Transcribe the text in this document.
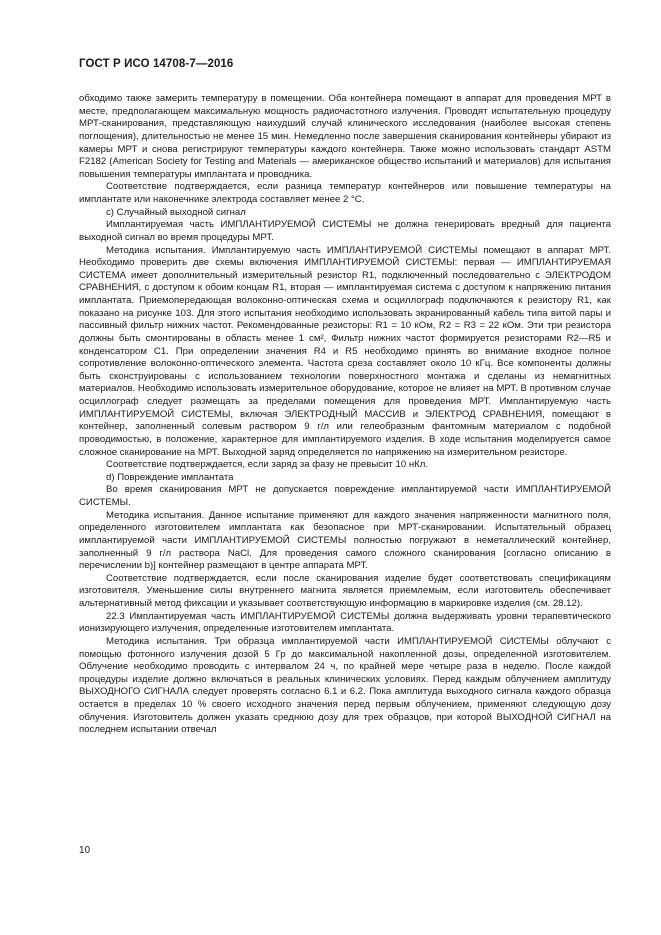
ГОСТ Р ИСО 14708-7—2016

обходимо также замерить температуру в помещении. Оба контейнера помещают в аппарат для проведения МРТ в месте, предполагающем максимальную мощность радиочастотного излучения. Проводят испытательную процедуру МРТ-сканирования, представляющую наихудший случай клинического исследования (наиболее высокая степень поглощения), длительностью не менее 15 мин. Немедленно после завершения сканирования контейнеры убирают из камеры МРТ и снова регистрируют температуры каждого контейнера. Также можно использовать стандарт ASTM F2182 (American Society for Testing and Materials — американское общество испытаний и материалов) для испытания повышения температуры имплантата и проводника.

Соответствие подтверждается, если разница температур контейнеров или повышение температуры на имплантате или наконечнике электрода составляет менее 2 °С.

c) Случайный выходной сигнал

Имплантируемая часть ИМПЛАНТИРУЕМОЙ СИСТЕМЫ не должна генерировать вредный для пациента выходной сигнал во время процедуры МРТ.

Методика испытания. Имплантируемую часть ИМПЛАНТИРУЕМОЙ СИСТЕМЫ помещают в аппарат МРТ. Необходимо проверить две схемы включения ИМПЛАНТИРУЕМОЙ СИСТЕМЫ: первая — ИМПЛАНТИРУЕМАЯ СИСТЕМА имеет дополнительный измерительный резистор R1, подключенный последовательно с ЭЛЕКТРОДОМ СРАВНЕНИЯ, с доступом к обоим концам R1, вторая — имплантируемая система с доступом к напряжению питания имплантата. Приемопередающая волоконно-оптическая схема и осциллограф подключаются к резистору R1, как показано на рисунке 103. Для этого испытания необходимо использовать экранированный кабель типа витой пары и пассивный фильтр нижних частот. Рекомендованные резисторы: R1 = 10 кОм, R2 = R3 = 22 кОм. Эти три резистора должны быть смонтированы в область менее 1 см², Фильтр нижних частот формируется резисторами R2—R5 и конденсатором С1. При определении значения R4 и R5 необходимо принять во внимание входное полное сопротивление волоконно-оптического элемента. Частота среза составляет около 10 кГц. Все компоненты должны быть сконструированы с использованием технологии поверхностного монтажа и сделаны из немагнитных материалов. Необходимо использовать измерительное оборудование, которое не влияет на МРТ. В противном случае осциллограф следует размещать за пределами помещения для проведения МРТ. Имплантируемую часть ИМПЛАНТИРУЕМОЙ СИСТЕМЫ, включая ЭЛЕКТРОДНЫЙ МАССИВ и ЭЛЕКТРОД СРАВНЕНИЯ, помещают в контейнер, заполненный солевым раствором 9 г/л или гелеобразным фантомным материалом с подобной проводимостью, в положение, характерное для имплантируемого изделия. В ходе испытания моделируется самое сложное сканирование на МРТ. Выходной заряд определяется по напряжению на измерительном резисторе.

Соответствие подтверждается, если заряд за фазу не превысит 10 нКл.

d) Повреждение имплантата

Во время сканирования МРТ не допускается повреждение имплантируемой части ИМПЛАНТИРУЕМОЙ СИСТЕМЫ.

Методика испытания. Данное испытание применяют для каждого значения напряженности магнитного поля, определенного изготовителем имплантата как безопасное при МРТ-сканировании. Испытательный образец имплантируемой части ИМПЛАНТИРУЕМОЙ СИСТЕМЫ полностью погружают в неметаллический контейнер, заполненный 9 г/л раствора NaCl. Для проведения самого сложного сканирования [согласно описанию в перечислении b)] контейнер размещают в центре аппарата МРТ.

Соответствие подтверждается, если после сканирования изделие будет соответствовать спецификациям изготовителя. Уменьшение силы внутреннего магнита является приемлемым, если изготовитель обеспечивает альтернативный метод фиксации и указывает соответствующую информацию в маркировке изделия (см. 28.12).

22.3 Имплантируемая часть ИМПЛАНТИРУЕМОЙ СИСТЕМЫ должна выдерживать уровни терапевтического ионизирующего излучения, определенные изготовителем имплантата.

Методика испытания. Три образца имплантируемой части ИМПЛАНТИРУЕМОЙ СИСТЕМЫ облучают с помощью фотонного излучения дозой 5 Гр до максимальной накопленной дозы, определенной изготовителем. Облучение необходимо проводить с интервалом 24 ч, по крайней мере четыре раза в неделю. После каждой процедуры изделие должно включаться в реальных клинических условиях. Перед каждым облучением амплитуду ВЫХОДНОГО СИГНАЛА следует проверять согласно 6.1 и 6.2. Пока амплитуда выходного сигнала каждого образца остается в пределах 10 % своего исходного значения перед первым облучением, применяют следующую дозу облучения. Изготовитель должен указать среднюю дозу для трех образцов, при которой ВЫХОДНОЙ СИГНАЛ на последнем испытании отвечал

10
